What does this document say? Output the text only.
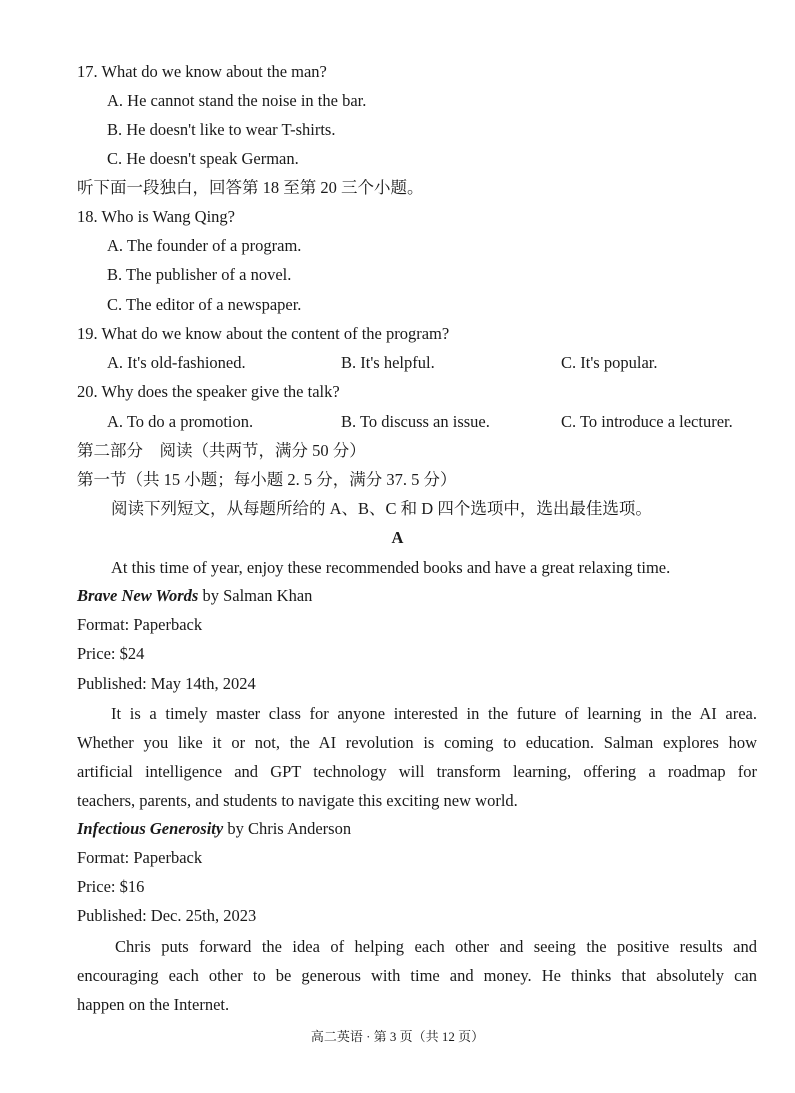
17. What do we know about the man?
A. He cannot stand the noise in the bar.
B. He doesn't like to wear T-shirts.
C. He doesn't speak German.
听下面一段独白，回答第 18 至第 20 三个小题。
18. Who is Wang Qing?
A. The founder of a program.
B. The publisher of a novel.
C. The editor of a newspaper.
19. What do we know about the content of the program?
A. It's old-fashioned.	B. It's helpful.	C. It's popular.
20. Why does the speaker give the talk?
A. To do a promotion.	B. To discuss an issue.	C. To introduce a lecturer.
第二部分　阅读（共两节，满分 50 分）
第一节（共 15 小题；每小题 2. 5 分，满分 37. 5 分）
阅读下列短文，从每题所给的 A、B、C 和 D 四个选项中，选出最佳选项。
A
At this time of year, enjoy these recommended books and have a great relaxing time.
Brave New Words by Salman Khan
Format: Paperback
Price: $24
Published: May 14th, 2024
It is a timely master class for anyone interested in the future of learning in the AI area.
Whether you like it or not, the AI revolution is coming to education. Salman explores how
artificial intelligence and GPT technology will transform learning, offering a roadmap for
teachers, parents, and students to navigate this exciting new world.
Infectious Generosity by Chris Anderson
Format: Paperback
Price: $16
Published: Dec. 25th, 2023
Chris puts forward the idea of helping each other and seeing the positive results and
encouraging each other to be generous with time and money. He thinks that absolutely can
happen on the Internet.
高二英语 · 第 3 页（共 12 页）
